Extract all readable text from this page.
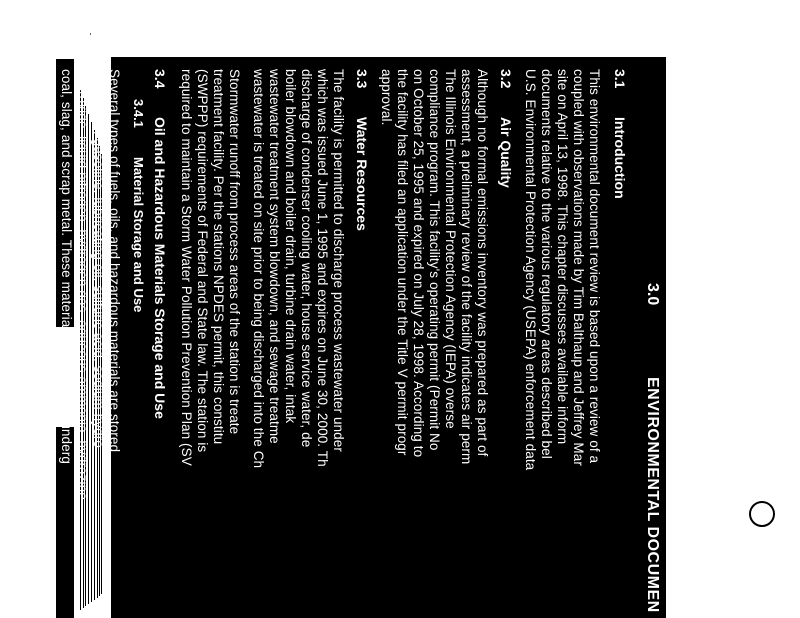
3.0
ENVIRONMENTAL DOCUMEN
3.1
Introduction
This environmental document review is based upon a review of a
coupled with observations made by Tim Balthaup and Jeffrey Mar
site on April 13, 1998. This chapter discusses available inform
documents relative to the various regulatory areas described bel
U.S. Environmental Protection Agency (USEPA) enforcement data
3.2
Air Quality
Although no formal emissions inventory was prepared as part of
assessment, a preliminary review of the facility indicates air perm
The Illinois Environmental Protection Agency (IEPA) overse
compliance program. This facility's operating permit (Permit No
on October 25, 1995 and expired on July 28, 1998. According to
the facility has filed an application under the Title V permit progr
approval.
3.3
Water Resources
The facility is permitted to discharge process wastewater under
which was issued June 1, 1995 and expires on June 30, 2000. Th
discharge of condenser cooling water, house service water, de
boiler blowdown and boiler drain, turbine drain water, intak
wastewater treatment system blowdown, and sewage treatme
wastewater is treated on site prior to being discharged into the Ch
Stormwater runoff from process areas of the station is treate
treatment facility. Per the stations NPDES permit, this constitu
(SWPPP) requirements of Federal and State law. The station is
required to maintain a Storm Water Pollution Prevention Plan (SV
3.4
Oil and Hazardous Materials Storage and Use
3.4.1
Material Storage and Use
Several types of fuels, oils, and hazardous materials are stored
diesel fuel, gasoline, lubricating oil, sulfuric acid, sodium hydro
hydroxide, liquid nitrogen, hydrogen gas, aqueous ammonia, hydrazine,
coal, slag, and scrap metal. These materials are stored in underg
drums, and various other containers located both indoors and outd
